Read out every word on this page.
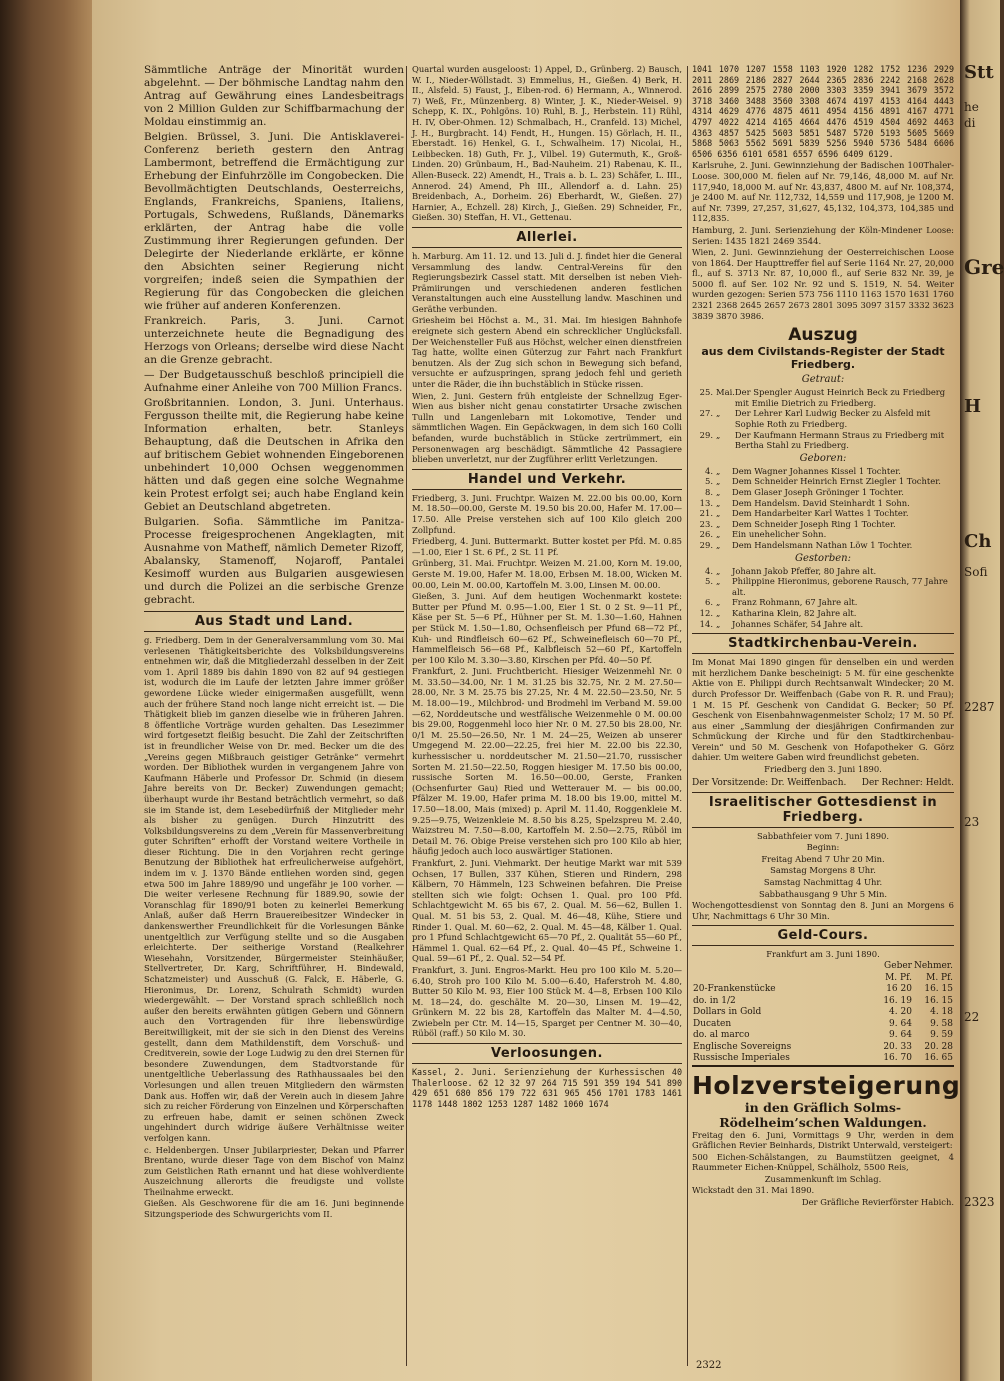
Sämmtliche Anträge der Minorität wurden abgelehnt. — Der böhmische Landtag nahm den Antrag auf Gewährung eines Landesbeitrags von 2 Million Gulden zur Schiffbarmachung der Moldau einstimmig an.

Belgien. Brüssel, 3. Juni. Die Antisklaverei-Conferenz berieth gestern den Antrag Lambermont, betreffend die Ermächtigung zur Erhebung der Einfuhrzölle im Congobecken. Die Bevollmächtigten Deutschlands, Oesterreichs, Englands, Frankreichs, Spaniens, Italiens, Portugals, Schwedens, Rußlands, Dänemarks erklärten, der Antrag habe die volle Zustimmung ihrer Regierungen gefunden. Der Delegirte der Niederlande erklärte, er könne den Absichten seiner Regierung nicht vorgreifen; indeß seien die Sympathien der Regierung für das Congobecken die gleichen wie früher auf anderen Konferenzen.

Frankreich. Paris, 3. Juni. Carnot unterzeichnete heute die Begnadigung des Herzogs von Orleans; derselbe wird diese Nacht an die Grenze gebracht.

— Der Budgetausschuß beschloß principiell die Aufnahme einer Anleihe von 700 Million Francs.

Großbritannien. London, 3. Juni. Unterhaus. Fergusson theilte mit, die Regierung habe keine Information erhalten, betr. Stanleys Behauptung, daß die Deutschen in Afrika den auf britischem Gebiet wohnenden Eingeborenen unbehindert 10,000 Ochsen weggenommen hätten und daß gegen eine solche Wegnahme kein Protest erfolgt sei; auch habe England kein Gebiet an Deutschland abgetreten.

Bulgarien. Sofia. Sämmtliche im Panitza-Processe freigesprochenen Angeklagten, mit Ausnahme von Matheff, nämlich Demeter Rizoff, Abalansky, Stamenoff, Nojaroff, Pantalei Kesimoff wurden aus Bulgarien ausgewiesen und durch die Polizei an die serbische Grenze gebracht.

Aus Stadt und Land.

g. Friedberg. Dem in der Generalversammlung vom 30. Mai verlesenen Thätigkeitsberichte des Volksbildungsvereins entnehmen wir, daß die Mitgliederzahl desselben in der Zeit vom 1. April 1889 bis dahin 1890 von 82 auf 94 gestiegen ist, wodurch die im Laufe der letzten Jahre immer größer gewordene Lücke wieder einigermaßen ausgefüllt, wenn auch der frühere Stand noch lange nicht erreicht ist. — Die Thätigkeit blieb im ganzen dieselbe wie in früheren Jahren. 8 öffentliche Vorträge wurden gehalten. Das Lesezimmer wird fortgesetzt fleißig besucht. Die Zahl der Zeitschriften ist in freundlicher Weise von Dr. med. Becker um die des „Vereins gegen Mißbrauch geistiger Getränke“ vermehrt worden. Der Bibliothek wurden in vergangenem Jahre von Kaufmann Häberle und Professor Dr. Schmid (in diesem Jahre bereits von Dr. Becker) Zuwendungen gemacht; überhaupt wurde ihr Bestand beträchtlich vermehrt, so daß sie im Stande ist, dem Lesebedürfniß der Mitglieder mehr als bisher zu genügen. Durch Hinzutritt des Volksbildungsvereins zu dem „Verein für Massenverbreitung guter Schriften“ erhofft der Vorstand weitere Vortheile in dieser Richtung. Die in den Vorjahren recht geringe Benutzung der Bibliothek hat erfreulicherweise aufgehört, indem im v. J. 1370 Bände entliehen worden sind, gegen etwa 500 im Jahre 1889/90 und ungefähr je 100 vorher. — Die weiter verlesene Rechnung für 1889.90, sowie der Voranschlag für 1890/91 boten zu keinerlei Bemerkung Anlaß, außer daß Herrn Brauereibesitzer Windecker in dankenswerther Freundlichkeit für die Vorlesungen Bänke unentgeltlich zur Verfügung stellte und so die Ausgaben erleichterte. Der seitherige Vorstand (Realkehrer Wiesehahn, Vorsitzender, Bürgermeister Steinhäußer, Stellvertreter, Dr. Karg, Schriftführer, H. Bindewald, Schatzmeister) und Ausschuß (G. Falck, E. Häberle, G. Hieronimus, Dr. Lorenz, Schulrath Schmidt) wurden wiedergewählt. — Der Vorstand sprach schließlich noch außer den bereits erwähnten gütigen Gebern und Gönnern auch den Vortragenden für ihre liebenswürdige Bereitwilligkeit, mit der sie sich in den Dienst des Vereins gestellt, dann dem Mathildenstift, dem Vorschuß- und Creditverein, sowie der Loge Ludwig zu den drei Sternen für besondere Zuwendungen, dem Stadtvorstande für unentgeltliche Ueberlassung des Rathhaussaales bei den Vorlesungen und allen treuen Mitgliedern den wärmsten Dank aus. Hoffen wir, daß der Verein auch in diesem Jahre sich zu reicher Förderung von Einzelnen und Körperschaften zu erfreuen habe, damit er seinen schönen Zweck ungehindert durch widrige äußere Verhältnisse weiter verfolgen kann.

c. Heldenbergen. Unser Jubilarpriester, Dekan und Pfarrer Brentano, wurde dieser Tage von dem Bischof von Mainz zum Geistlichen Rath ernannt und hat diese wohlverdiente Auszeichnung allerorts die freudigste und vollste Theilnahme erweckt.

Gießen. Als Geschworene für die am 16. Juni beginnende Sitzungsperiode des Schwurgerichts vom II.

Quartal wurden ausgeloost: 1) Appel, D., Grünberg. 2) Bausch, W. I., Nieder-Wöllstadt. 3) Emmelius, H., Gießen. 4) Berk, H. II., Alsfeld. 5) Faust, J., Eiben-rod. 6) Hermann, A., Winnerod. 7) Weß, Fr., Münzenberg. 8) Winter, J. K., Nieder-Weisel. 9) Schepp, K. IX., Pohlgöns. 10) Ruhl, B. J., Herbstein. 11) Rühl, H. IV, Ober-Ohmen. 12) Schmalbach, H., Cranfeld. 13) Michel, J. H., Burgbracht. 14) Fendt, H., Hungen. 15) Görlach, H. II., Eberstadt. 16) Henkel, G. I., Schwalheim. 17) Nicolai, H., Leibbecken. 18) Guth, Fr. J., Vilbel. 19) Gutermuth, K., Groß-Linden. 20) Grünbaum, H., Bad-Nauheim. 21) Rabenau, K. II., Allen-Buseck. 22) Amendt, H., Trais a. b. L. 23) Schäfer, L. III., Annerod. 24) Amend, Ph III., Allendorf a. d. Lahn. 25) Breidenbach, A., Dorheim. 26) Eberhardt, W., Gießen. 27) Harnier, A., Echzell. 28) Kirch, J., Gießen. 29) Schneider, Fr., Gießen. 30) Steffan, H. VI., Gettenau.

Allerlei.

h. Marburg. Am 11. 12. und 13. Juli d. J. findet hier die General Versammlung des landw. Central-Vereins für den Regierungsbezirk Cassel statt. Mit derselben ist neben Vieh-Prämiirungen und verschiedenen anderen festlichen Veranstaltungen auch eine Ausstellung landw. Maschinen und Geräthe verbunden.

Griesheim bei Höchst a. M., 31. Mai. Im hiesigen Bahnhofe ereignete sich gestern Abend ein schrecklicher Unglücksfall. Der Weichensteller Fuß aus Höchst, welcher einen dienstfreien Tag hatte, wollte einen Güterzug zur Fahrt nach Frankfurt benutzen. Als der Zug sich schon in Bewegung sich befand, versuchte er aufzuspringen, sprang jedoch fehl und gerieth unter die Räder, die ihn buchstäblich in Stücke rissen.

Wien, 2. Juni. Gestern früh entgleiste der Schnellzug Eger-Wien aus bisher nicht genau constatirter Ursache zwischen Tulln und Langenlebarn mit Lokomotive, Tender und sämmtlichen Wagen. Ein Gepäckwagen, in dem sich 160 Colli befanden, wurde buchstäblich in Stücke zertrümmert, ein Personenwagen arg beschädigt. Sämmtliche 42 Passagiere blieben unverletzt, nur der Zugführer erlitt Verletzungen.

Handel und Verkehr.

Friedberg, 3. Juni. Fruchtpr. Waizen M. 22.00 bis 00.00, Korn M. 18.50—00.00, Gerste M. 19.50 bis 20.00, Hafer M. 17.00—17.50. Alle Preise verstehen sich auf 100 Kilo gleich 200 Zollpfund.

Friedberg, 4. Juni. Buttermarkt. Butter kostet per Pfd. M. 0.85—1.00, Eier 1 St. 6 Pf., 2 St. 11 Pf.

Grünberg, 31. Mai. Fruchtpr. Weizen M. 21.00, Korn M. 19.00, Gerste M. 19.00, Hafer M. 18.00, Erbsen M. 18.00, Wicken M. 00.00, Lein M. 00.00, Kartoffeln M. 3.00, Linsen M. 00.00.

Gießen, 3. Juni. Auf dem heutigen Wochenmarkt kostete: Butter per Pfund M. 0.95—1.00, Eier 1 St. 0 2 St. 9—11 Pf., Käse per St. 5—6 Pf., Hühner per St. M. 1.30—1.60, Hahnen per Stück M. 1.50—1.80, Ochsenfleisch per Pfund 68—72 Pf., Kuh- und Rindfleisch 60—62 Pf., Schweinefleisch 60—70 Pf., Hammelfleisch 56—68 Pf., Kalbfleisch 52—60 Pf., Kartoffeln per 100 Kilo M. 3.30—3.80, Kirschen per Pfd. 40—50 Pf.

Frankfurt, 2. Juni. Fruchtbericht. Hiesiger Weizenmehl Nr. 0 M. 33.50—34.00, Nr. 1 M. 31.25 bis 32.75, Nr. 2 M. 27.50—28.00, Nr. 3 M. 25.75 bis 27.25, Nr. 4 M. 22.50—23.50, Nr. 5 M. 18.00—19., Milchbrod- und Brodmehl im Verband M. 59.00—62, Norddeutsche und westfälische Weizenmehle 0 M. 00.00 bis 29.00, Roggenmehl loco hier Nr. 0 M. 27.50 bis 28.00, Nr. 0/1 M. 25.50—26.50, Nr. 1 M. 24—25, Weizen ab unserer Umgegend M. 22.00—22.25, frei hier M. 22.00 bis 22.30, kurhessischer u. norddeutscher M. 21.50—21.70, russischer Sorten M. 21.50—22.50, Roggen hiesiger M. 17.50 bis 00.00, russische Sorten M. 16.50—00.00, Gerste, Franken (Ochsenfurter Gau) Ried und Wetterauer M. — bis 00.00, Pfälzer M. 19.00, Hafer prima M. 18.00 bis 19.00, mittel M. 17.50—18.00, Mais (mixed) p. April M. 11.40, Roggenkleie M. 9.25—9.75, Weizenkleie M. 8.50 bis 8.25, Spelzspreu M. 2.40, Waizstreu M. 7.50—8.00, Kartoffeln M. 2.50—2.75, Rüböl im Detail M. 76. Obige Preise verstehen sich pro 100 Kilo ab hier, häufig jedoch auch loco auswärtiger Stationen.

Frankfurt, 2. Juni. Viehmarkt. Der heutige Markt war mit 539 Ochsen, 17 Bullen, 337 Kühen, Stieren und Rindern, 298 Kälbern, 70 Hämmeln, 123 Schweinen befahren. Die Preise stellten sich wie folgt: Ochsen 1. Qual. pro 100 Pfd. Schlachtgewicht M. 65 bis 67, 2. Qual. M. 56—62, Bullen 1. Qual. M. 51 bis 53, 2. Qual. M. 46—48, Kühe, Stiere und Rinder 1. Qual. M. 60—62, 2. Qual. M. 45—48, Kälber 1. Qual. pro 1 Pfund Schlachtgewicht 65—70 Pf., 2. Qualität 55—60 Pf., Hämmel 1. Qual. 62—64 Pf., 2. Qual. 40—45 Pf., Schweine 1. Qual. 59—61 Pf., 2. Qual. 52—54 Pf.

Frankfurt, 3. Juni. Engros-Markt. Heu pro 100 Kilo M. 5.20—6.40, Stroh pro 100 Kilo M. 5.00—6.40, Haferstroh M. 4.80, Butter 50 Kilo M. 93, Eier 100 Stück M. 4—8, Erbsen 100 Kilo M. 18—24, do. geschälte M. 20—30, Linsen M. 19—42, Grünkern M. 22 bis 28, Kartoffeln das Malter M. 4—4.50, Zwiebeln per Ctr. M. 14—15, Sparget per Centner M. 30—40, Rüböl (raff.) 50 Kilo M. 30.

Verloosungen.

Kassel, 2. Juni. Serienziehung der Kurhessischen 40 Thalerloose. 62 12 32 97 264 715 591 359 194 541 890 429 651 680 856 179 722 631 965 456 1701 1783 1461 1178 1448 1802 1253 1287 1482 1060 1674

1041 1070 1207 1558 1103 1920 1282 1752 1236 2929 2011 2869 2186 2827 2644 2365 2836 2242 2168 2628 2616 2899 2575 2780 2000 3303 3359 3941 3679 3572 3718 3460 3488 3560 3308 4674 4197 4153 4164 4443 4314 4629 4776 4875 4611 4954 4156 4891 4167 4771 4797 4022 4214 4165 4664 4476 4519 4504 4692 4463 4363 4857 5425 5603 5851 5487 5720 5193 5605 5669 5868 5063 5562 5691 5839 5256 5940 5736 5484 6606 6506 6356 6101 6581 6557 6596 6409 6129.

Karlsruhe, 2. Juni. Gewinnziehung der Badischen 100Thaler-Loose. 300,000 M. fielen auf Nr. 79,146, 48,000 M. auf Nr. 117,940, 18,000 M. auf Nr. 43,837, 4800 M. auf Nr. 108,374, je 2400 M. auf Nr. 112,732, 14,559 und 117,908, je 1200 M. auf Nr. 7399, 27,257, 31,627, 45,132, 104,373, 104,385 und 112,835.

Hamburg, 2. Juni. Serienziehung der Köln-Mindener Loose: Serien: 1435 1821 2469 3544.

Wien, 2. Juni. Gewinnziehung der Oesterreichischen Loose von 1864. Der Haupttreffer fiel auf Serie 1164 Nr. 27, 20,000 fl., auf S. 3713 Nr. 87, 10,000 fl., auf Serie 832 Nr. 39, je 5000 fl. auf Ser. 102 Nr. 92 und S. 1519, N. 54. Weiter wurden gezogen: Serien 573 756 1110 1163 1570 1631 1760 2321 2368 2645 2657 2673 2801 3095 3097 3157 3332 3623 3839 3870 3986.

Auszug
aus dem Civilstands-Register der Stadt Friedberg.
Getraut:
25.	Mai.	Der Spengler August Heinrich Beck zu Friedberg mit Emilie Dietrich zu Friedberg.
27.	„	Der Lehrer Karl Ludwig Becker zu Alsfeld mit Sophie Roth zu Friedberg.
29.	„	Der Kaufmann Hermann Straus zu Friedberg mit Bertha Stahl zu Friedberg.
Geboren:
4.	„	Dem Wagner Johannes Kissel 1 Tochter.
5.	„	Dem Schneider Heinrich Ernst Ziegler 1 Tochter.
8.	„	Dem Glaser Joseph Gröninger 1 Tochter.
13.	„	Dem Handelsm. David Steinhardt 1 Sohn.
21.	„	Dem Handarbeiter Karl Wattes 1 Tochter.
23.	„	Dem Schneider Joseph Ring 1 Tochter.
26.	„	Ein unehelicher Sohn.
29.	„	Dem Handelsmann Nathan Löw 1 Tochter.
Gestorben:
4.	„	Johann Jakob Pfeffer, 80 Jahre alt.
5.	„	Philippine Hieronimus, geborene Rausch, 77 Jahre alt.
6.	„	Franz Rohmann, 67 Jahre alt.
12.	„	Katharina Klein, 82 Jahre alt.
14.	„	Johannes Schäfer, 54 Jahre alt.
Stadtkirchenbau-Verein.

Im Monat Mai 1890 gingen für denselben ein und werden mit herzlichem Danke bescheinigt: 5 M. für eine geschenkte Aktie von E. Philippi durch Rechtsanwalt Windecker; 20 M. durch Professor Dr. Weiffenbach (Gabe von R. R. und Frau); 1 M. 15 Pf. Geschenk von Candidat G. Becker; 50 Pf. Geschenk von Eisenbahnwagenmeister Scholz; 17 M. 50 Pf. aus einer „Sammlung der diesjährigen Confirmanden zur Schmückung der Kirche und für den Stadtkirchenbau-Verein“ und 50 M. Geschenk von Hofapotheker G. Görz dahier. Um weitere Gaben wird freundlichst gebeten.

Friedberg den 3. Juni 1890.

Der Vorsitzende: Dr. Weiffenbach. Der Rechner: Heldt.
Israelitischer Gottesdienst in Friedberg.

Sabbathfeier vom 7. Juni 1890.

Beginn:

Freitag Abend 7 Uhr 20 Min.

Samstag Morgens 8 Uhr.

Samstag Nachmittag 4 Uhr.

Sabbathausgang 9 Uhr 5 Min.

Wochengottesdienst von Sonntag den 8. Juni an Morgens 6 Uhr, Nachmittags 6 Uhr 30 Min.

Geld-Cours.

Frankfurt am 3. Juni 1890.

	Geber	Nehmer.
	M. Pf.	M. Pf.
20-Frankenstücke	16 20	16. 15
do. in 1/2	16. 19	16. 15
Dollars in Gold	4. 20	4. 18
Ducaten	9. 64	9. 58
do. al marco	9. 64	9. 59
Englische Sovereigns	20. 33	20. 28
Russische Imperiales	16. 70	16. 65
Holzversteigerung
in den Gräflich Solms-Rödelheim’schen Waldungen.

Freitag den 6. Juni, Vormittags 9 Uhr, werden in dem Gräflichen Revier Beinhards, Distrikt Unterwald, versteigert:

500 Eichen-Schälstangen, zu Baumstützen geeignet, 4 Raummeter Eichen-Knüppel, Schälholz, 5500 Reis,

Zusammenkunft im Schlag.

Wickstadt den 31. Mai 1890.

Der Gräfliche Revierförster Habich.

2322
Stt
he
di
Gre
H
Ch
Sofi
2287
23
22
2323
